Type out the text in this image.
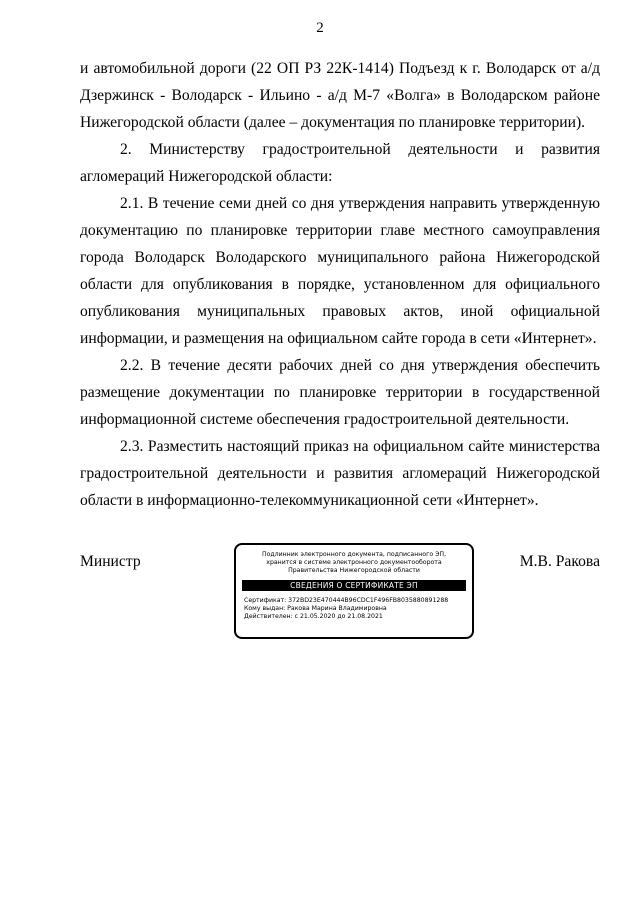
2

и автомобильной дороги (22 ОП РЗ 22К-1414) Подъезд к г. Володарск от а/д Дзержинск - Володарск - Ильино - а/д М-7 «Волга» в Володарском районе Нижегородской области (далее – документация по планировке территории).

2. Министерству градостроительной деятельности и развития агломераций Нижегородской области:

2.1. В течение семи дней со дня утверждения направить утвержденную документацию по планировке территории главе местного самоуправления города Володарск Володарского муниципального района Нижегородской области для опубликования в порядке, установленном для официального опубликования муниципальных правовых актов, иной официальной информации, и размещения на официальном сайте города в сети «Интернет».

2.2. В течение десяти рабочих дней со дня утверждения обеспечить размещение документации по планировке территории в государственной информационной системе обеспечения градостроительной деятельности.

2.3. Разместить настоящий приказ на официальном сайте министерства градостроительной деятельности и развития агломераций Нижегородской области в информационно-телекоммуникационной сети «Интернет».

Министр	Подлинник электронного документа, подписанного ЭП,
хранится в системе электронного документооборота
Правительства Нижегородской области
СВЕДЕНИЯ О СЕРТИФИКАТЕ ЭП
Сертификат: 372BD23E470444B96CDC1F496FB8035880891288
Кому выдан: Ракова Марина Владимировна
Действителен: с 21.05.2020 до 21.08.2021
М.В. Ракова
